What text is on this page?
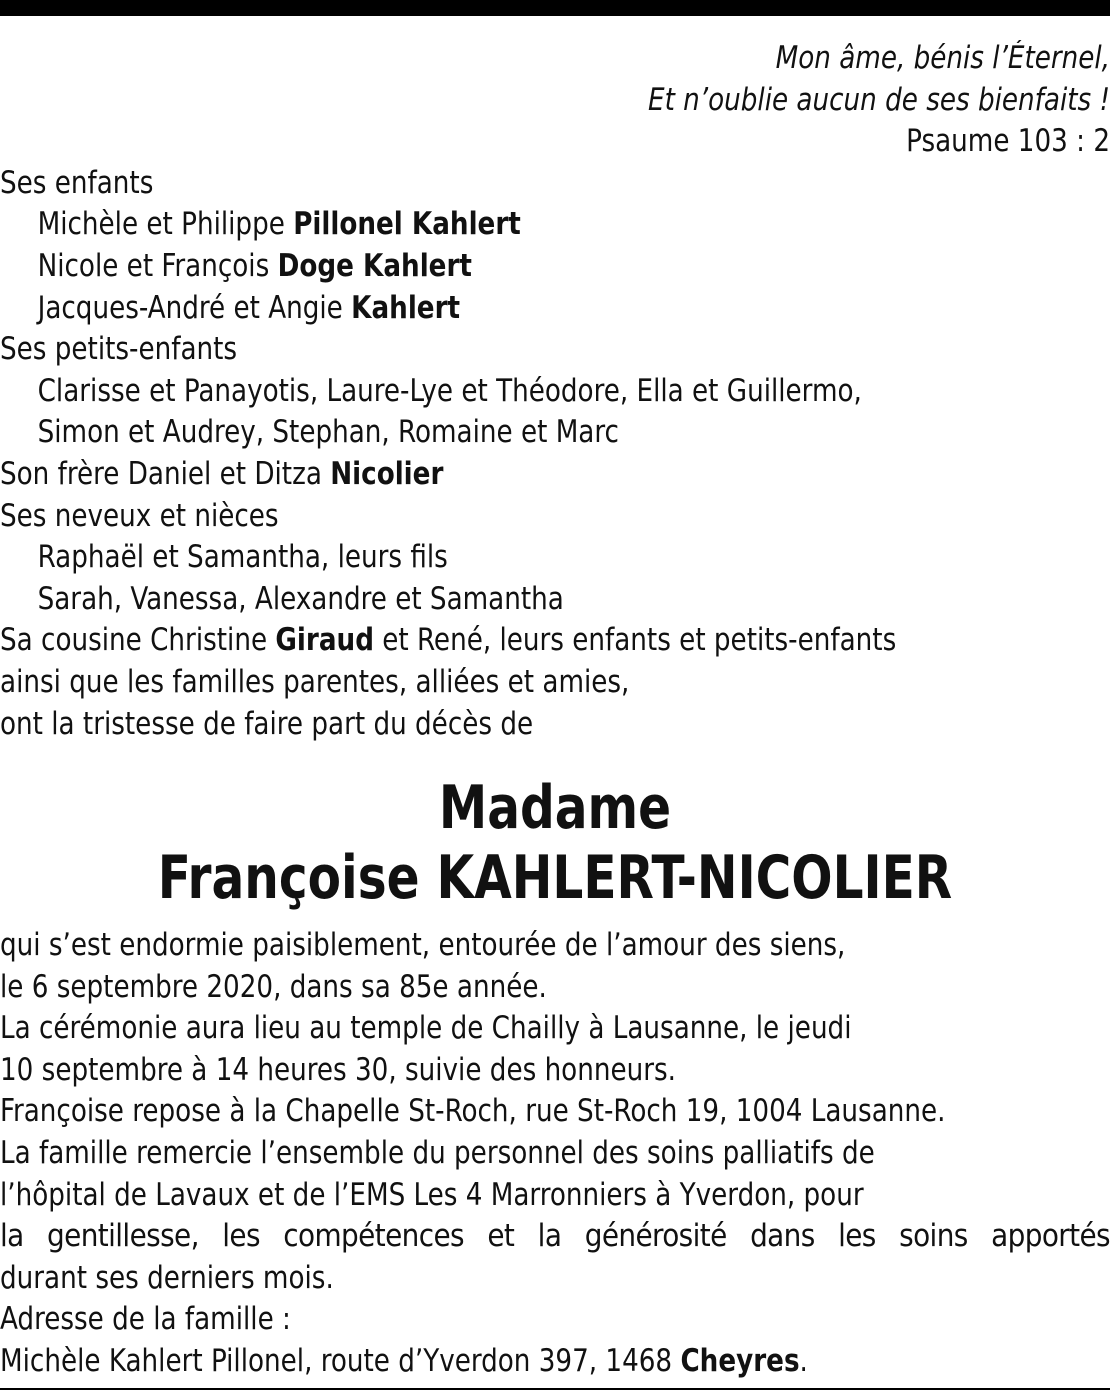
Mon âme, bénis l’Éternel,
Et n’oublie aucun de ses bienfaits !
Psaume 103 : 2
Ses enfants
Michèle et Philippe Pillonel Kahlert
Nicole et François Doge Kahlert
Jacques-André et Angie Kahlert
Ses petits-enfants
Clarisse et Panayotis, Laure-Lye et Théodore, Ella et Guillermo,
Simon et Audrey, Stephan, Romaine et Marc
Son frère Daniel et Ditza Nicolier
Ses neveux et nièces
Raphaël et Samantha, leurs fils
Sarah, Vanessa, Alexandre et Samantha
Sa cousine Christine Giraud et René, leurs enfants et petits-enfants
ainsi que les familles parentes, alliées et amies,
ont la tristesse de faire part du décès de
Madame
Françoise KAHLERT-NICOLIER
qui s’est endormie paisiblement, entourée de l’amour des siens,
le 6 septembre 2020, dans sa 85e année.
La cérémonie aura lieu au temple de Chailly à Lausanne, le jeudi
10 septembre à 14 heures 30, suivie des honneurs.
Françoise repose à la Chapelle St-Roch, rue St-Roch 19, 1004 Lausanne.
La famille remercie l’ensemble du personnel des soins palliatifs de
l’hôpital de Lavaux et de l’EMS Les 4 Marronniers à Yverdon, pour
la gentillesse, les compétences et la générosité dans les soins apportés
durant ses derniers mois.
Adresse de la famille :
Michèle Kahlert Pillonel, route d’Yverdon 397, 1468 Cheyres.
